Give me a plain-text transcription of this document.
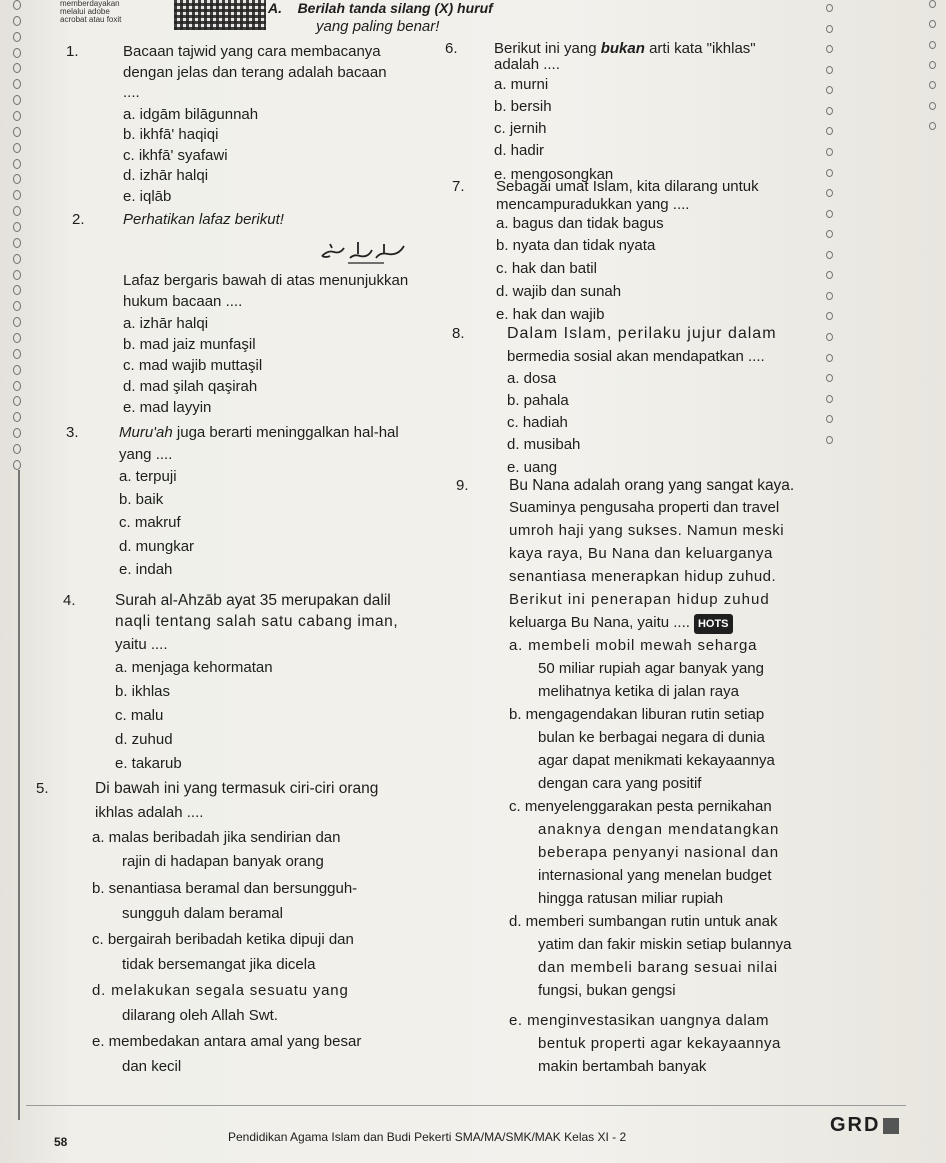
memberdayakan
melalui adobe
acrobat atau foxit
A. Berilah tanda silang (X) huruf
yang paling benar!
1.	Bacaan tajwid yang cara membacanya
dengan jelas dan terang adalah bacaan
....
a. idgām bilāgunnah
b. ikhfā' haqiqi
c. ikhfā' syafawi
d. izhār halqi
e. iqlāb
2.	Perhatikan lafaz berikut!
Lafaz bergaris bawah di atas menunjukkan
hukum bacaan ....
a. izhār halqi
b. mad jaiz munfaşil
c. mad wajib muttaşil
d. mad şilah qaşirah
e. mad layyin
3.	Muru'ah juga berarti meninggalkan hal-hal
yang ....
a. terpuji
b. baik
c. makruf
d. mungkar
e. indah
4.	Surah al-Ahzāb ayat 35 merupakan dalil
naqli tentang salah satu cabang iman,
yaitu ....
a. menjaga kehormatan
b. ikhlas
c. malu
d. zuhud
e. takarub
5.	Di bawah ini yang termasuk ciri-ciri orang
ikhlas adalah ....
a. malas beribadah jika sendirian dan
rajin di hadapan banyak orang
b. senantiasa beramal dan bersungguh-
sungguh dalam beramal
c. bergairah beribadah ketika dipuji dan
tidak bersemangat jika dicela
d. melakukan segala sesuatu yang
dilarang oleh Allah Swt.
e. membedakan antara amal yang besar
dan kecil
6. Berikut ini yang bukan arti kata "ikhlas"
adalah ....
a. murni
b. bersih
c. jernih
d. hadir
e. mengosongkan
7. Sebagai umat Islam, kita dilarang untuk
mencampuradukkan yang ....
a. bagus dan tidak bagus
b. nyata dan tidak nyata
c. hak dan batil
d. wajib dan sunah
e. hak dan wajib
8.	Dalam Islam, perilaku jujur dalam
bermedia sosial akan mendapatkan ....
a. dosa
b. pahala
c. hadiah
d. musibah
e. uang
9.	Bu Nana adalah orang yang sangat kaya.
Suaminya pengusaha properti dan travel
umroh haji yang sukses. Namun meski
kaya raya, Bu Nana dan keluarganya
senantiasa menerapkan hidup zuhud.
Berikut ini penerapan hidup zuhud
keluarga Bu Nana, yaitu .... HOTS
a. membeli mobil mewah seharga
50 miliar rupiah agar banyak yang
melihatnya ketika di jalan raya
b. mengagendakan liburan rutin setiap
bulan ke berbagai negara di dunia
agar dapat menikmati kekayaannya
dengan cara yang positif
c. menyelenggarakan pesta pernikahan
anaknya dengan mendatangkan
beberapa penyanyi nasional dan
internasional yang menelan budget
hingga ratusan miliar rupiah
d. memberi sumbangan rutin untuk anak
yatim dan fakir miskin setiap bulannya
dan membeli barang sesuai nilai
fungsi, bukan gengsi
e. menginvestasikan uangnya dalam
bentuk properti agar kekayaannya
makin bertambah banyak
58	Pendidikan Agama Islam dan Budi Pekerti SMA/MA/SMK/MAK Kelas XI - 2
GRD
